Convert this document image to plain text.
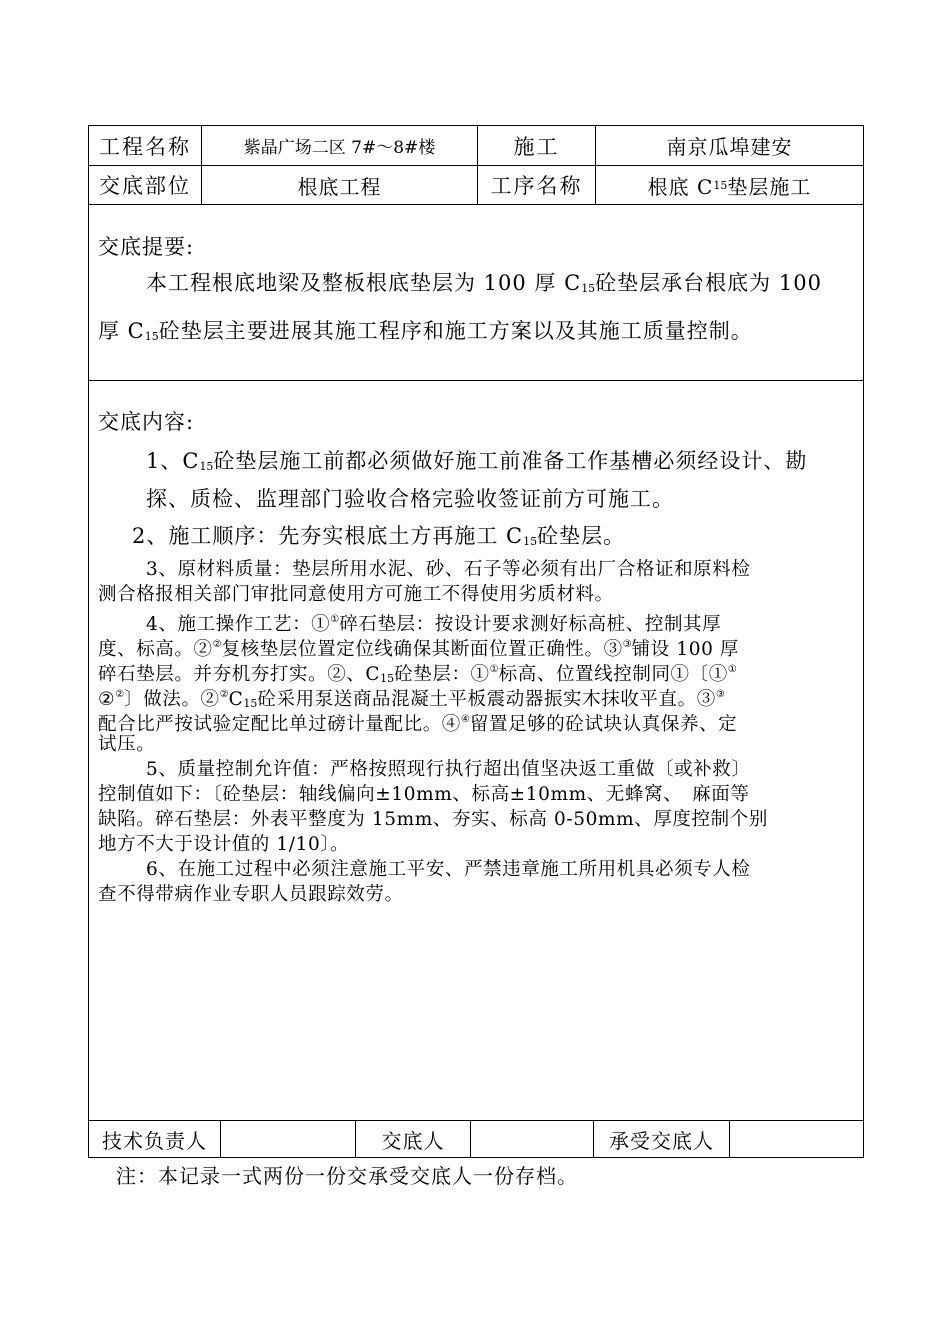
工程名称	紫晶广场二区 7#～8#楼	施工	南京瓜埠建安
交底部位	根底工程	工序名称	根底 C 15 垫层施工
交底提要:
本工程根底地梁及整板根底垫层为 100 厚 $C_{15}$砼垫层承台根底为 100
厚 $C_{15}$砼垫层主要进展其施工程序和施工方案以及其施工质量控制。
交底内容:
1、$C_{15}$砼垫层施工前都必须做好施工前准备工作基槽必须经设计、勘
探、质检、监理部门验收合格完验收签证前方可施工。
2、施工顺序：先夯实根底土方再施工 $C_{15}$砼垫层。
3、原材料质量：垫层所用水泥、砂、石子等必须有出厂合格证和原料检
测合格报相关部门审批同意使用方可施工不得使用劣质材料。
4、施工操作工艺：①①碎石垫层：按设计要求测好标高桩、控制其厚
度、标高。②②复核垫层位置定位线确保其断面位置正确性。③③铺设 100 厚
碎石垫层。并夯机夯打实。②、$C_{15}$砼垫层：①①标高、位置线控制同①〔①①
②②〕做法。$②^②C_{15}$砼采用泵送商品混凝土平板震动器振实木抹收平直。③③
配合比严按试验定配比单过磅计量配比。④④留置足够的砼试块认真保养、定
试压。
5、质量控制允许值：严格按照现行执行超出值坚决返工重做〔或补救〕
控制值如下：〔砼垫层：轴线偏向±10mm、标高±10mm、无蜂窝、　麻面等
缺陷。碎石垫层：外表平整度为 15mm、夯实、标高 0-50mm、厚度控制个别
地方不大于设计值的 1/10〕。
6、在施工过程中必须注意施工平安、严禁违章施工所用机具必须专人检
查不得带病作业专职人员跟踪效劳。
技术负责人	交底人	承受交底人
注：本记录一式两份一份交承受交底人一份存档。
